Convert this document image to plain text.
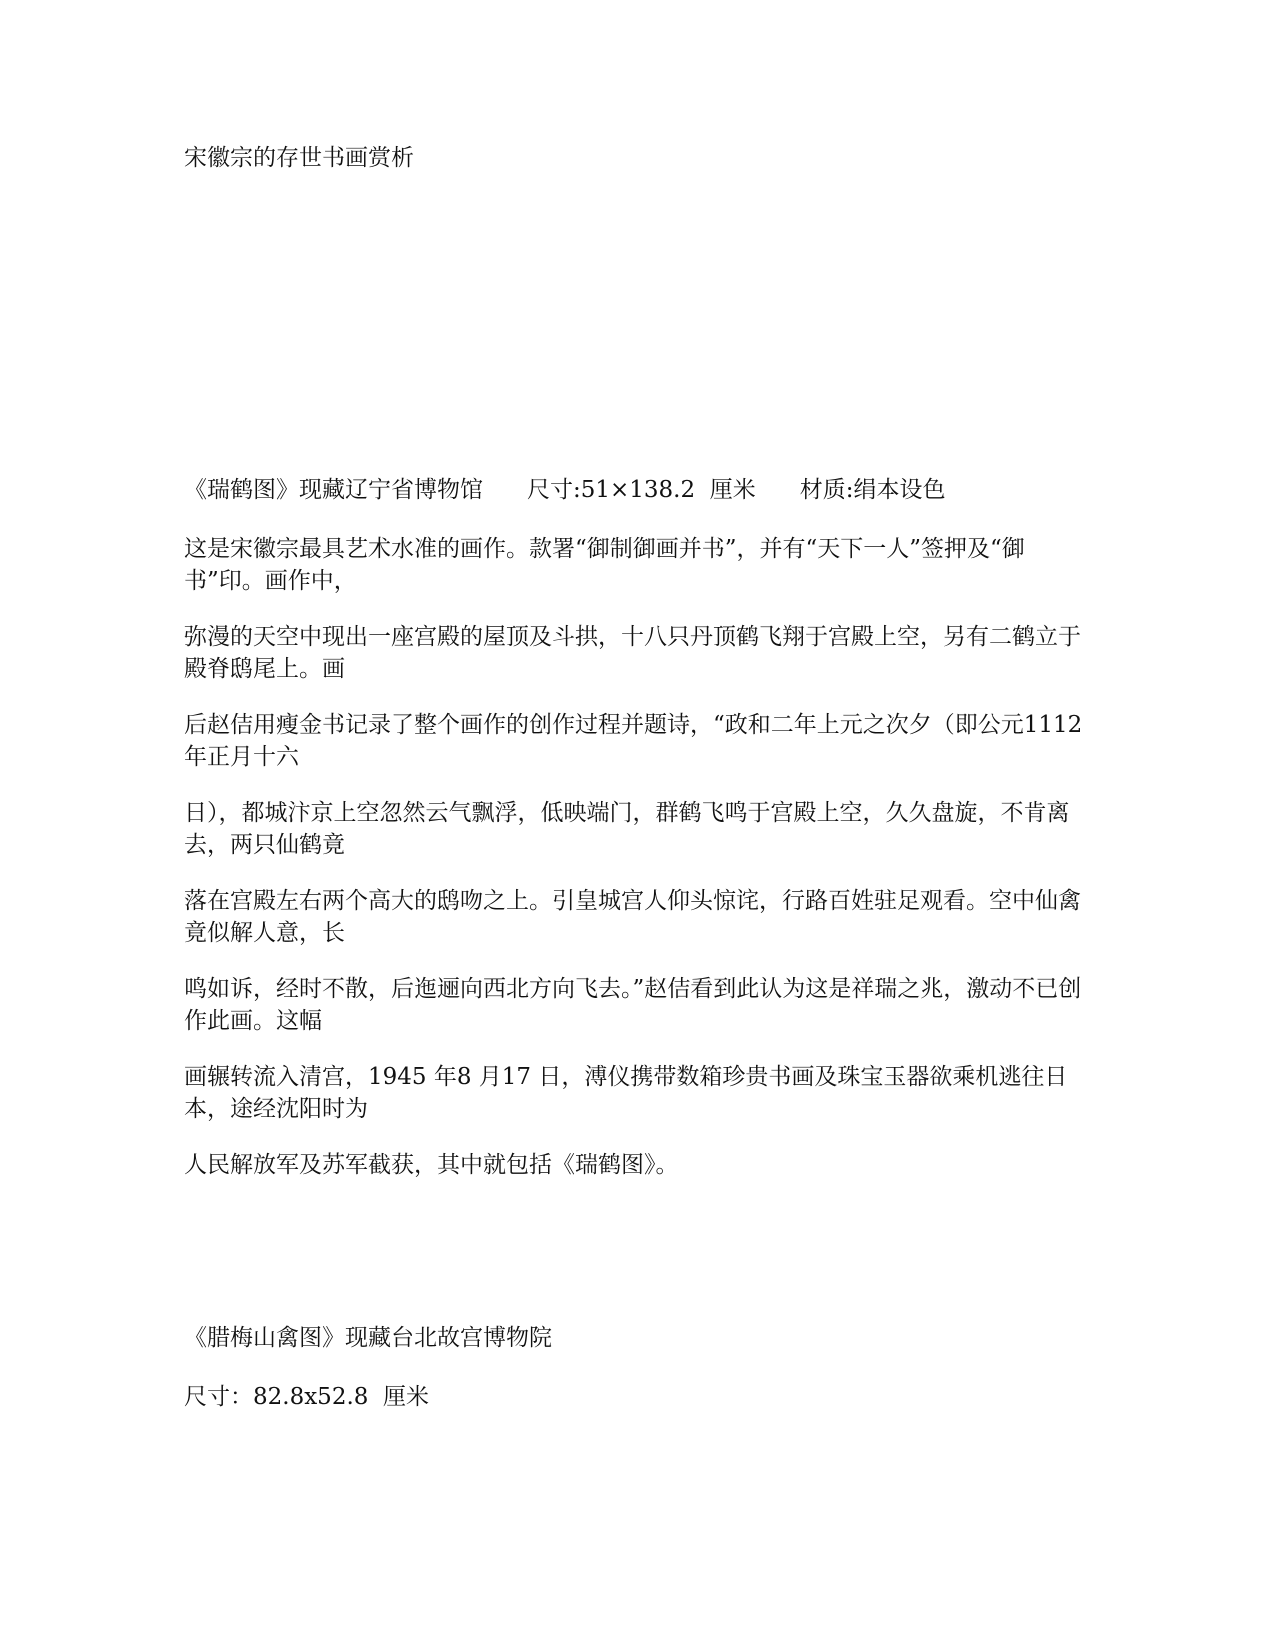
宋徽宗的存世书画赏析
《瑞鹤图》现藏辽宁省博物馆 尺寸:51×138.2  厘米 材质:绢本设色
这是宋徽宗最具艺术水准的画作。款署“御制御画并书”，并有“天下一人”签押及“御书”印。画作中，
弥漫的天空中现出一座宫殿的屋顶及斗拱，十八只丹顶鹤飞翔于宫殿上空，另有二鹤立于殿脊鸱尾上。画
后赵佶用瘦金书记录了整个画作的创作过程并题诗，“政和二年上元之次夕（即公元1112 年正月十六
日），都城汴京上空忽然云气飘浮，低映端门，群鹤飞鸣于宫殿上空，久久盘旋，不肯离去，两只仙鹤竟
落在宫殿左右两个高大的鸱吻之上。引皇城宫人仰头惊诧，行路百姓驻足观看。空中仙禽竟似解人意，长
鸣如诉，经时不散，后迤逦向西北方向飞去。”赵佶看到此认为这是祥瑞之兆，激动不已创作此画。这幅
画辗转流入清宫，1945 年8 月17 日，溥仪携带数箱珍贵书画及珠宝玉器欲乘机逃往日本，途经沈阳时为
人民解放军及苏军截获，其中就包括《瑞鹤图》。
《腊梅山禽图》现藏台北故宫博物院
尺寸：82.8x52.8  厘米
